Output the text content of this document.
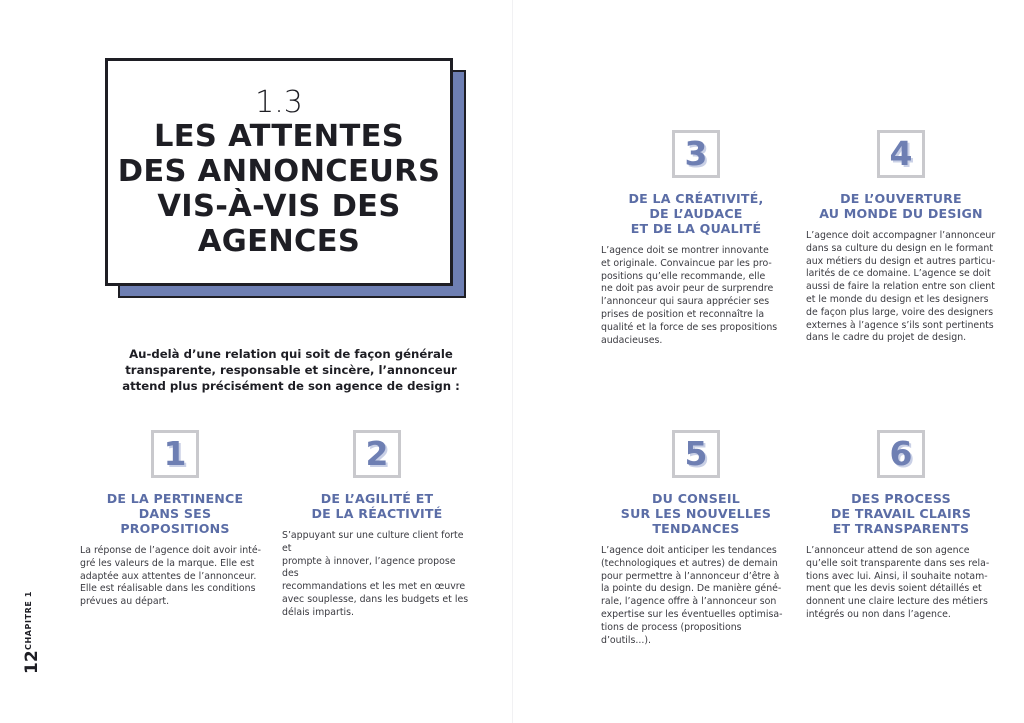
1.3
LES ATTENTES
DES ANNONCEURS
VIS-À-VIS DES
AGENCES

Au-delà d’une relation qui soit de façon générale transparente, responsable et sincère, l’annonceur attend plus précisément de son agence de design :

1
DE LA PERTINENCE
DANS SES
PROPOSITIONS

La réponse de l’agence doit avoir inté-
gré les valeurs de la marque. Elle est
adaptée aux attentes de l’annonceur.
Elle est réalisable dans les conditions
prévues au départ.

2
DE L’AGILITÉ ET
DE LA RÉACTIVITÉ

S’appuyant sur une culture client forte et
prompte à innover, l’agence propose des
recommandations et les met en œuvre
avec souplesse, dans les budgets et les
délais impartis.

3
DE LA CRÉATIVITÉ,
DE L’AUDACE
ET DE LA QUALITÉ

L’agence doit se montrer innovante
et originale. Convaincue par les pro-
positions qu’elle recommande, elle
ne doit pas avoir peur de surprendre
l’annonceur qui saura apprécier ses
prises de position et reconnaître la
qualité et la force de ses propositions
audacieuses.

4
DE L’OUVERTURE
AU MONDE DU DESIGN

L’agence doit accompagner l’annonceur
dans sa culture du design en le formant
aux métiers du design et autres particu-
larités de ce domaine. L’agence se doit
aussi de faire la relation entre son client
et le monde du design et les designers
de façon plus large, voire des designers
externes à l’agence s’ils sont pertinents
dans le cadre du projet de design.

5
DU CONSEIL
SUR LES NOUVELLES
TENDANCES

L’agence doit anticiper les tendances
(technologiques et autres) de demain
pour permettre à l’annonceur d’être à
la pointe du design. De manière géné-
rale, l’agence offre à l’annonceur son
expertise sur les éventuelles optimisa-
tions de process (propositions d’outils...).

6
DES PROCESS
DE TRAVAIL CLAIRS
ET TRANSPARENTS

L’annonceur attend de son agence
qu’elle soit transparente dans ses rela-
tions avec lui. Ainsi, il souhaite notam-
ment que les devis soient détaillés et
donnent une claire lecture des métiers
intégrés ou non dans l’agence.

CHAPITRE 1
12
